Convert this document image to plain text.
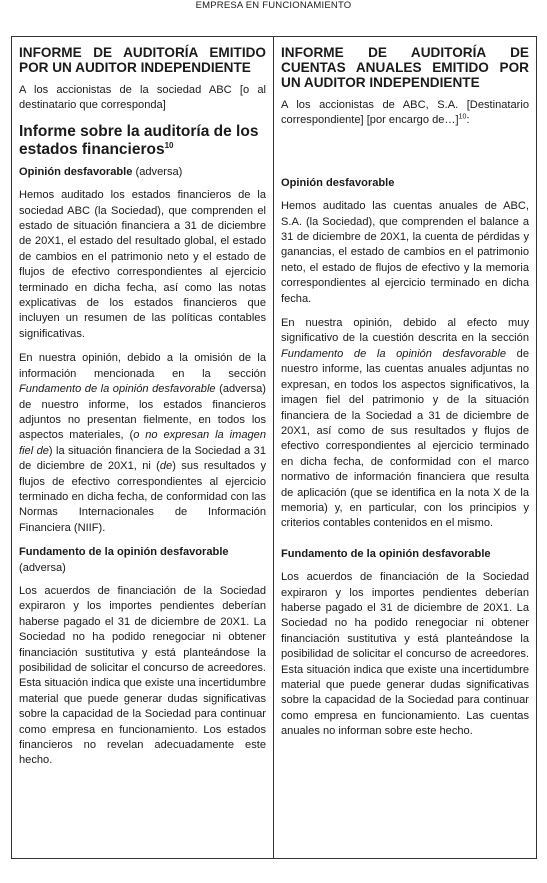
EMPRESA EN FUNCIONAMIENTO
INFORME DE AUDITORÍA EMITIDO POR UN AUDITOR INDEPENDIENTE

A los accionistas de la sociedad ABC [o al destinatario que corresponda]

Informe sobre la auditoría de los estados financieros$^{10}$
Opinión desfavorable (adversa)

Hemos auditado los estados financieros de la sociedad ABC (la Sociedad), que comprenden el estado de situación financiera a 31 de diciembre de 20X1, el estado del resultado global, el estado de cambios en el patrimonio neto y el estado de flujos de efectivo correspondientes al ejercicio terminado en dicha fecha, así como las notas explicativas de los estados financieros que incluyen un resumen de las políticas contables significativas.

En nuestra opinión, debido a la omisión de la información mencionada en la sección Fundamento de la opinión desfavorable (adversa) de nuestro informe, los estados financieros adjuntos no presentan fielmente, en todos los aspectos materiales, (o no expresan la imagen fiel de) la situación financiera de la Sociedad a 31 de diciembre de 20X1, ni (de) sus resultados y flujos de efectivo correspondientes al ejercicio terminado en dicha fecha, de conformidad con las Normas Internacionales de Información Financiera (NIIF).

Fundamento de la opinión desfavorable (adversa)

Los acuerdos de financiación de la Sociedad expiraron y los importes pendientes deberían haberse pagado el 31 de diciembre de 20X1. La Sociedad no ha podido renegociar ni obtener financiación sustitutiva y está planteándose la posibilidad de solicitar el concurso de acreedores. Esta situación indica que existe una incertidumbre material que puede generar dudas significativas sobre la capacidad de la Sociedad para continuar como empresa en funcionamiento. Los estados financieros no revelan adecuadamente este hecho.

INFORME DE AUDITORÍA DE CUENTAS ANUALES EMITIDO POR UN AUDITOR INDEPENDIENTE

A los accionistas de ABC, S.A. [Destinatario correspondiente] [por encargo de…]$^{10}$:

Opinión desfavorable

Hemos auditado las cuentas anuales de ABC, S.A. (la Sociedad), que comprenden el balance a 31 de diciembre de 20X1, la cuenta de pérdidas y ganancias, el estado de cambios en el patrimonio neto, el estado de flujos de efectivo y la memoria correspondientes al ejercicio terminado en dicha fecha.

En nuestra opinión, debido al efecto muy significativo de la cuestión descrita en la sección Fundamento de la opinión desfavorable de nuestro informe, las cuentas anuales adjuntas no expresan, en todos los aspectos significativos, la imagen fiel del patrimonio y de la situación financiera de la Sociedad a 31 de diciembre de 20X1, así como de sus resultados y flujos de efectivo correspondientes al ejercicio terminado en dicha fecha, de conformidad con el marco normativo de información financiera que resulta de aplicación (que se identifica en la nota X de la memoria) y, en particular, con los principios y criterios contables contenidos en el mismo.

Fundamento de la opinión desfavorable

Los acuerdos de financiación de la Sociedad expiraron y los importes pendientes deberían haberse pagado el 31 de diciembre de 20X1. La Sociedad no ha podido renegociar ni obtener financiación sustitutiva y está planteándose la posibilidad de solicitar el concurso de acreedores. Esta situación indica que existe una incertidumbre material que puede generar dudas significativas sobre la capacidad de la Sociedad para continuar como empresa en funcionamiento. Las cuentas anuales no informan sobre este hecho.
